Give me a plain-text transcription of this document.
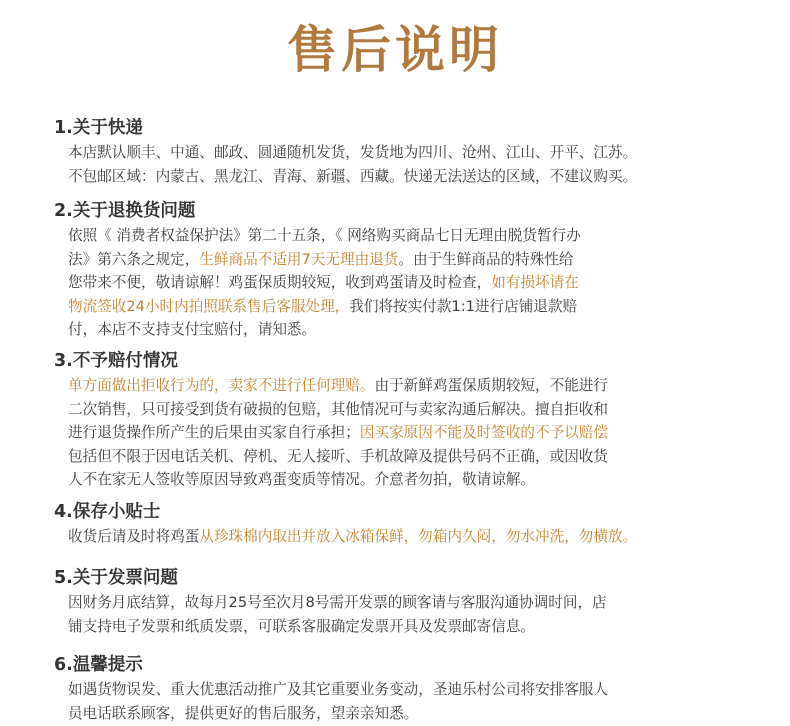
售后说明
1.关于快递
本店默认顺丰、中通、邮政、圆通随机发货，发货地为四川、沧州、江山、开平、江苏。
不包邮区域：内蒙古、黑龙江、青海、新疆、西藏。快递无法送达的区域，不建议购买。
2.关于退换货问题
依照《 消费者权益保护法》第二十五条，《 网络购买商品七日无理由脱货暂行办
法》第六条之规定，生鲜商品不适用7天无理由退货。由于生鲜商品的特殊性给
您带来不便，敬请谅解！鸡蛋保质期较短，收到鸡蛋请及时检查，如有损坏请在
物流签收24小时内拍照联系售后客服处理，我们将按实付款1:1进行店铺退款赔
付，本店不支持支付宝赔付，请知悉。
3.不予赔付情况
单方面做出拒收行为的，卖家不进行任何理赔。由于新鲜鸡蛋保质期较短，不能进行
二次销售，只可接受到货有破损的包赔，其他情况可与卖家沟通后解决。擅自拒收和
进行退货操作所产生的后果由买家自行承担；因买家原因不能及时签收的不予以赔偿
包括但不限于因电话关机、停机、无人接听、手机故障及提供号码不正确，或因收货
人不在家无人签收等原因导致鸡蛋变质等情况。介意者勿拍，敬请谅解。
4.保存小贴士
收货后请及时将鸡蛋从珍珠棉内取出并放入冰箱保鲜，勿箱内久闷，勿水冲洗，勿横放。
5.关于发票问题
因财务月底结算，故每月25号至次月8号需开发票的顾客请与客服沟通协调时间，店
铺支持电子发票和纸质发票，可联系客服确定发票开具及发票邮寄信息。
6.温馨提示
如遇货物误发、重大优惠活动推广及其它重要业务变动，圣迪乐村公司将安排客服人
员电话联系顾客，提供更好的售后服务，望亲亲知悉。
